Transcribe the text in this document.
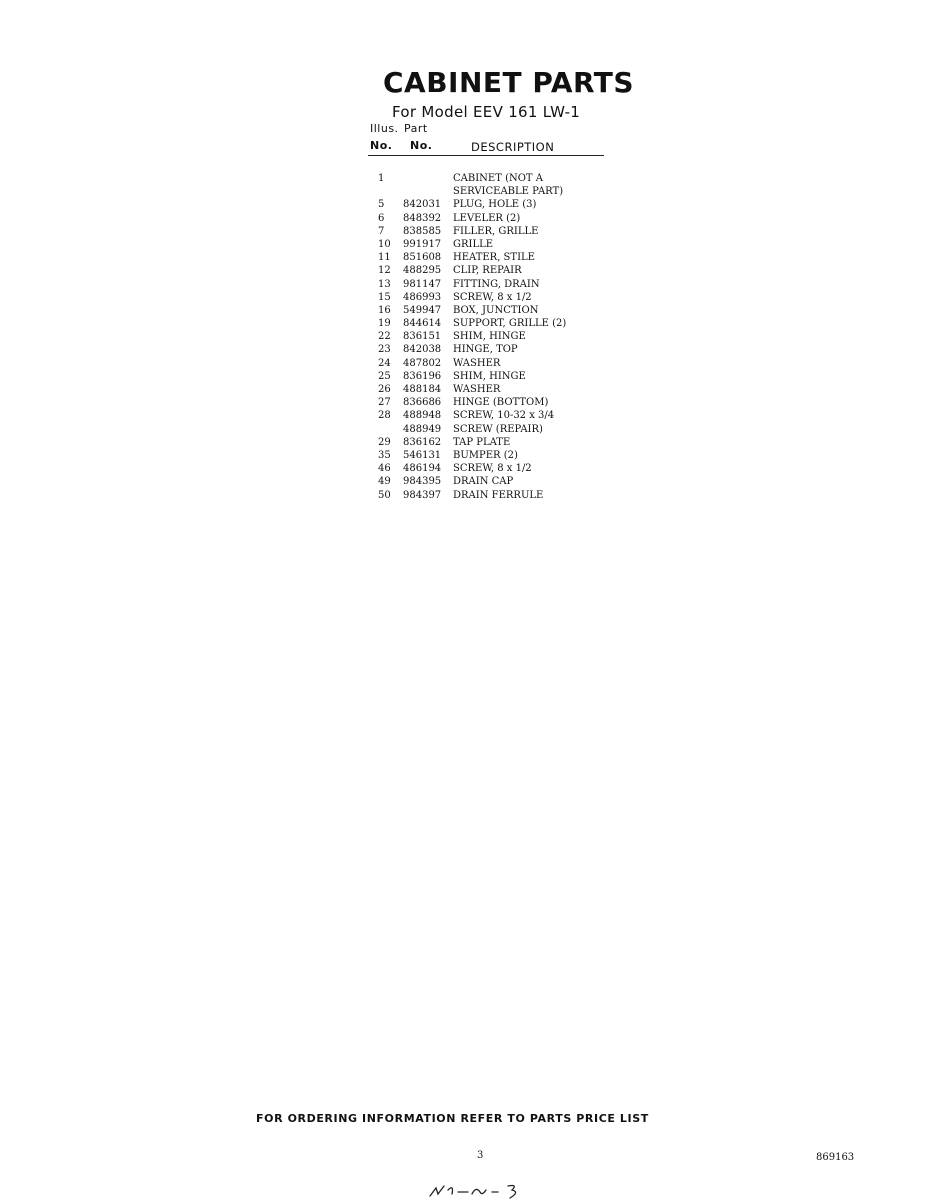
CABINET PARTS
For Model EEV 161 LW-1
Illus. Part
No. No.	DESCRIPTION
1	CABINET (NOT A
SERVICEABLE PART)
5 842031 PLUG, HOLE (3)
6 848392 LEVELER (2)
7 838585 FILLER, GRILLE
10 991917 GRILLE
11 851608 HEATER, STILE
12 488295 CLIP, REPAIR
13 981147 FITTING, DRAIN
15 486993 SCREW, 8 x 1/2
16 549947 BOX, JUNCTION
19 844614 SUPPORT, GRILLE (2)
22 836151 SHIM, HINGE
23 842038 HINGE, TOP
24 487802 WASHER
25 836196 SHIM, HINGE
26 488184 WASHER
27 836686 HINGE (BOTTOM)
28 488948 SCREW, 10-32 x 3/4
488949 SCREW (REPAIR)
29 836162 TAP PLATE
35 546131 BUMPER (2)
46 486194 SCREW, 8 x 1/2
49 984395 DRAIN CAP
50 984397 DRAIN FERRULE
FOR ORDERING INFORMATION REFER TO PARTS PRICE LIST
3	869163
